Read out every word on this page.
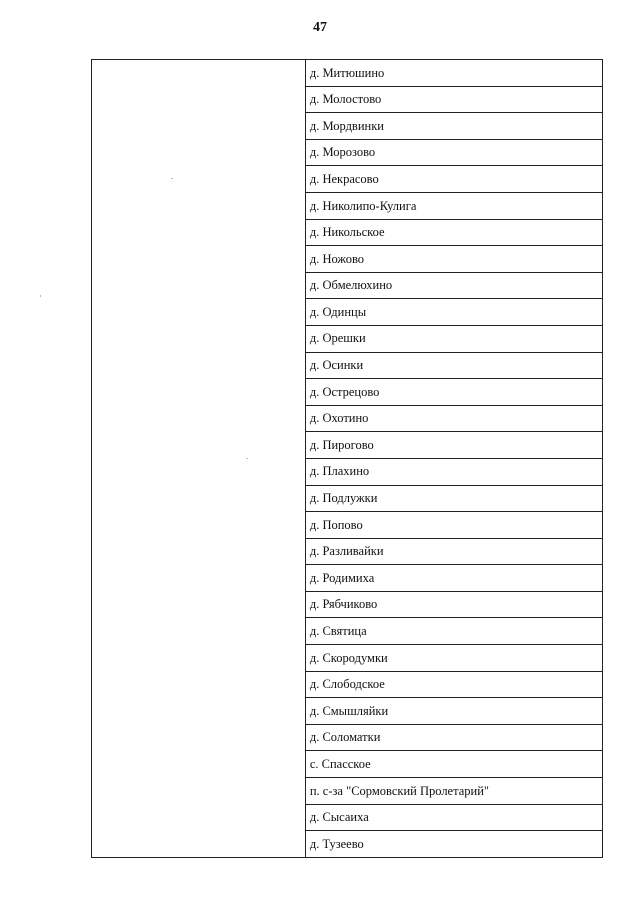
47
	д. Митюшино
д. Молостово
д. Мордвинки
д. Морозово
д. Некрасово
д. Николипо-Кулига
д. Никольское
д. Ножово
д. Обмелюхино
д. Одинцы
д. Орешки
д. Осинки
д. Острецово
д. Охотино
д. Пирогово
д. Плахино
д. Подлужки
д. Попово
д. Разливайки
д. Родимиха
д. Рябчиково
д. Святица
д. Скородумки
д. Слободское
д. Смышляйки
д. Соломатки
с. Спасское
п. с-за "Сормовский Пролетарий"
д. Сысаиха
д. Тузеево
